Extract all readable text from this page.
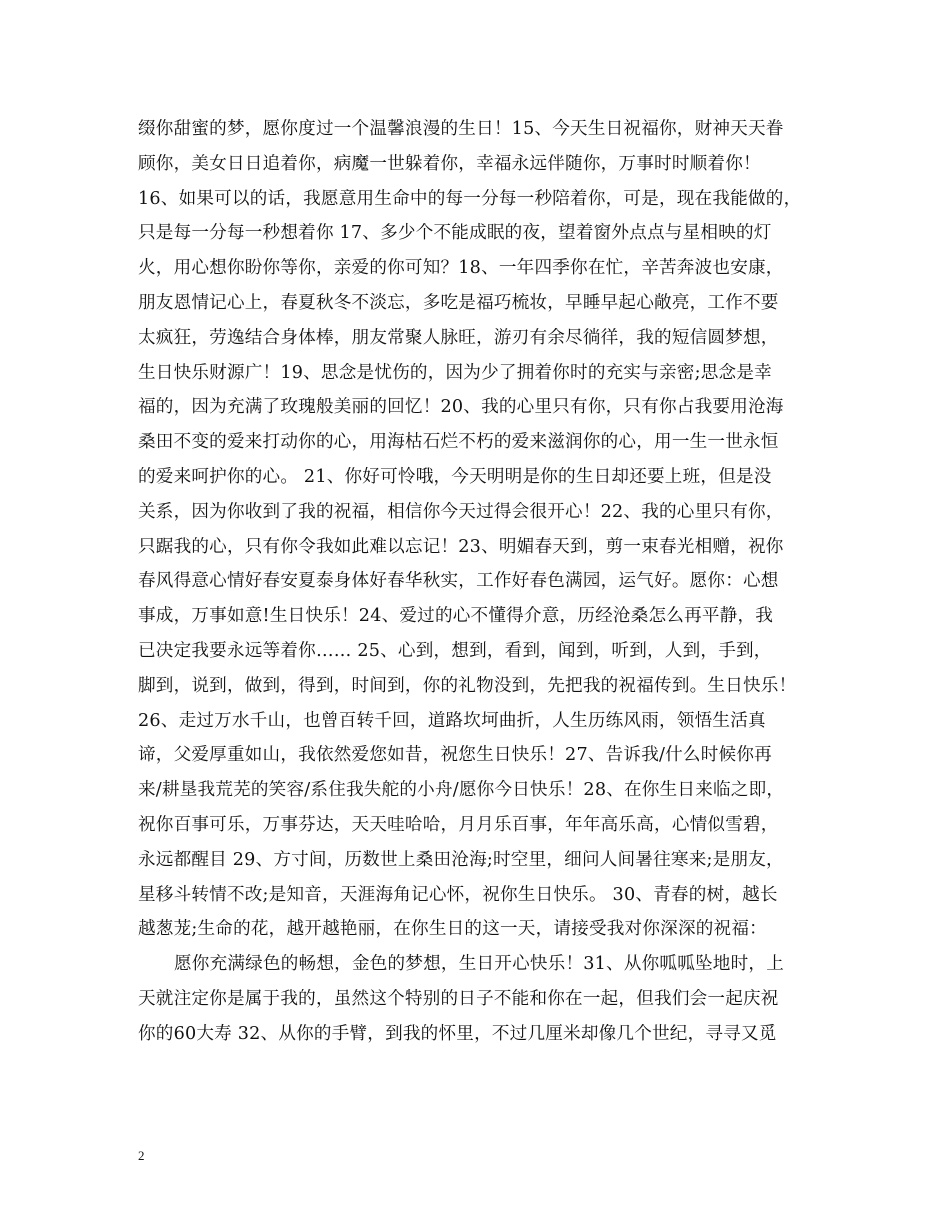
缀你甜蜜的梦，愿你度过一个温馨浪漫的生日！15、今天生日祝福你，财神天天眷
顾你，美女日日追着你，病魔一世躲着你，幸福永远伴随你，万事时时顺着你！
16、如果可以的话，我愿意用生命中的每一分每一秒陪着你，可是，现在我能做的，
只是每一分每一秒想着你 17、多少个不能成眠的夜，望着窗外点点与星相映的灯
火，用心想你盼你等你，亲爱的你可知？18、一年四季你在忙，辛苦奔波也安康，
朋友恩情记心上，春夏秋冬不淡忘，多吃是福巧梳妆，早睡早起心敞亮，工作不要
太疯狂，劳逸结合身体棒，朋友常聚人脉旺，游刃有余尽徜徉，我的短信圆梦想，
生日快乐财源广！19、思念是忧伤的，因为少了拥着你时的充实与亲密;思念是幸
福的，因为充满了玫瑰般美丽的回忆！20、我的心里只有你，只有你占我要用沧海
桑田不变的爱来打动你的心，用海枯石烂不朽的爱来滋润你的心，用一生一世永恒
的爱来呵护你的心。 21、你好可怜哦，今天明明是你的生日却还要上班，但是没
关系，因为你收到了我的祝福，相信你今天过得会很开心！22、我的心里只有你，
只踞我的心，只有你令我如此难以忘记！23、明媚春天到，剪一束春光相赠，祝你
春风得意心情好春安夏泰身体好春华秋实，工作好春色满园，运气好。愿你：心想
事成，万事如意!生日快乐！24、爱过的心不懂得介意，历经沧桑怎么再平静，我
已决定我要永远等着你…… 25、心到，想到，看到，闻到，听到，人到，手到，
脚到，说到，做到，得到，时间到，你的礼物没到，先把我的祝福传到。生日快乐！
26、走过万水千山，也曾百转千回，道路坎坷曲折，人生历练风雨，领悟生活真
谛，父爱厚重如山，我依然爱您如昔，祝您生日快乐！27、告诉我/什么时候你再
来/耕垦我荒芜的笑容/系住我失舵的小舟/愿你今日快乐！28、在你生日来临之即，
祝你百事可乐，万事芬达，天天哇哈哈，月月乐百事，年年高乐高，心情似雪碧，
永远都醒目 29、方寸间，历数世上桑田沧海;时空里，细问人间暑往寒来;是朋友，
星移斗转情不改;是知音，天涯海角记心怀，祝你生日快乐。 30、青春的树，越长
越葱茏;生命的花，越开越艳丽，在你生日的这一天，请接受我对你深深的祝福：
愿你充满绿色的畅想，金色的梦想，生日开心快乐！31、从你呱呱坠地时，上
天就注定你是属于我的，虽然这个特别的日子不能和你在一起，但我们会一起庆祝
你的60大寿 32、从你的手臂，到我的怀里，不过几厘米却像几个世纪，寻寻又觅
2
